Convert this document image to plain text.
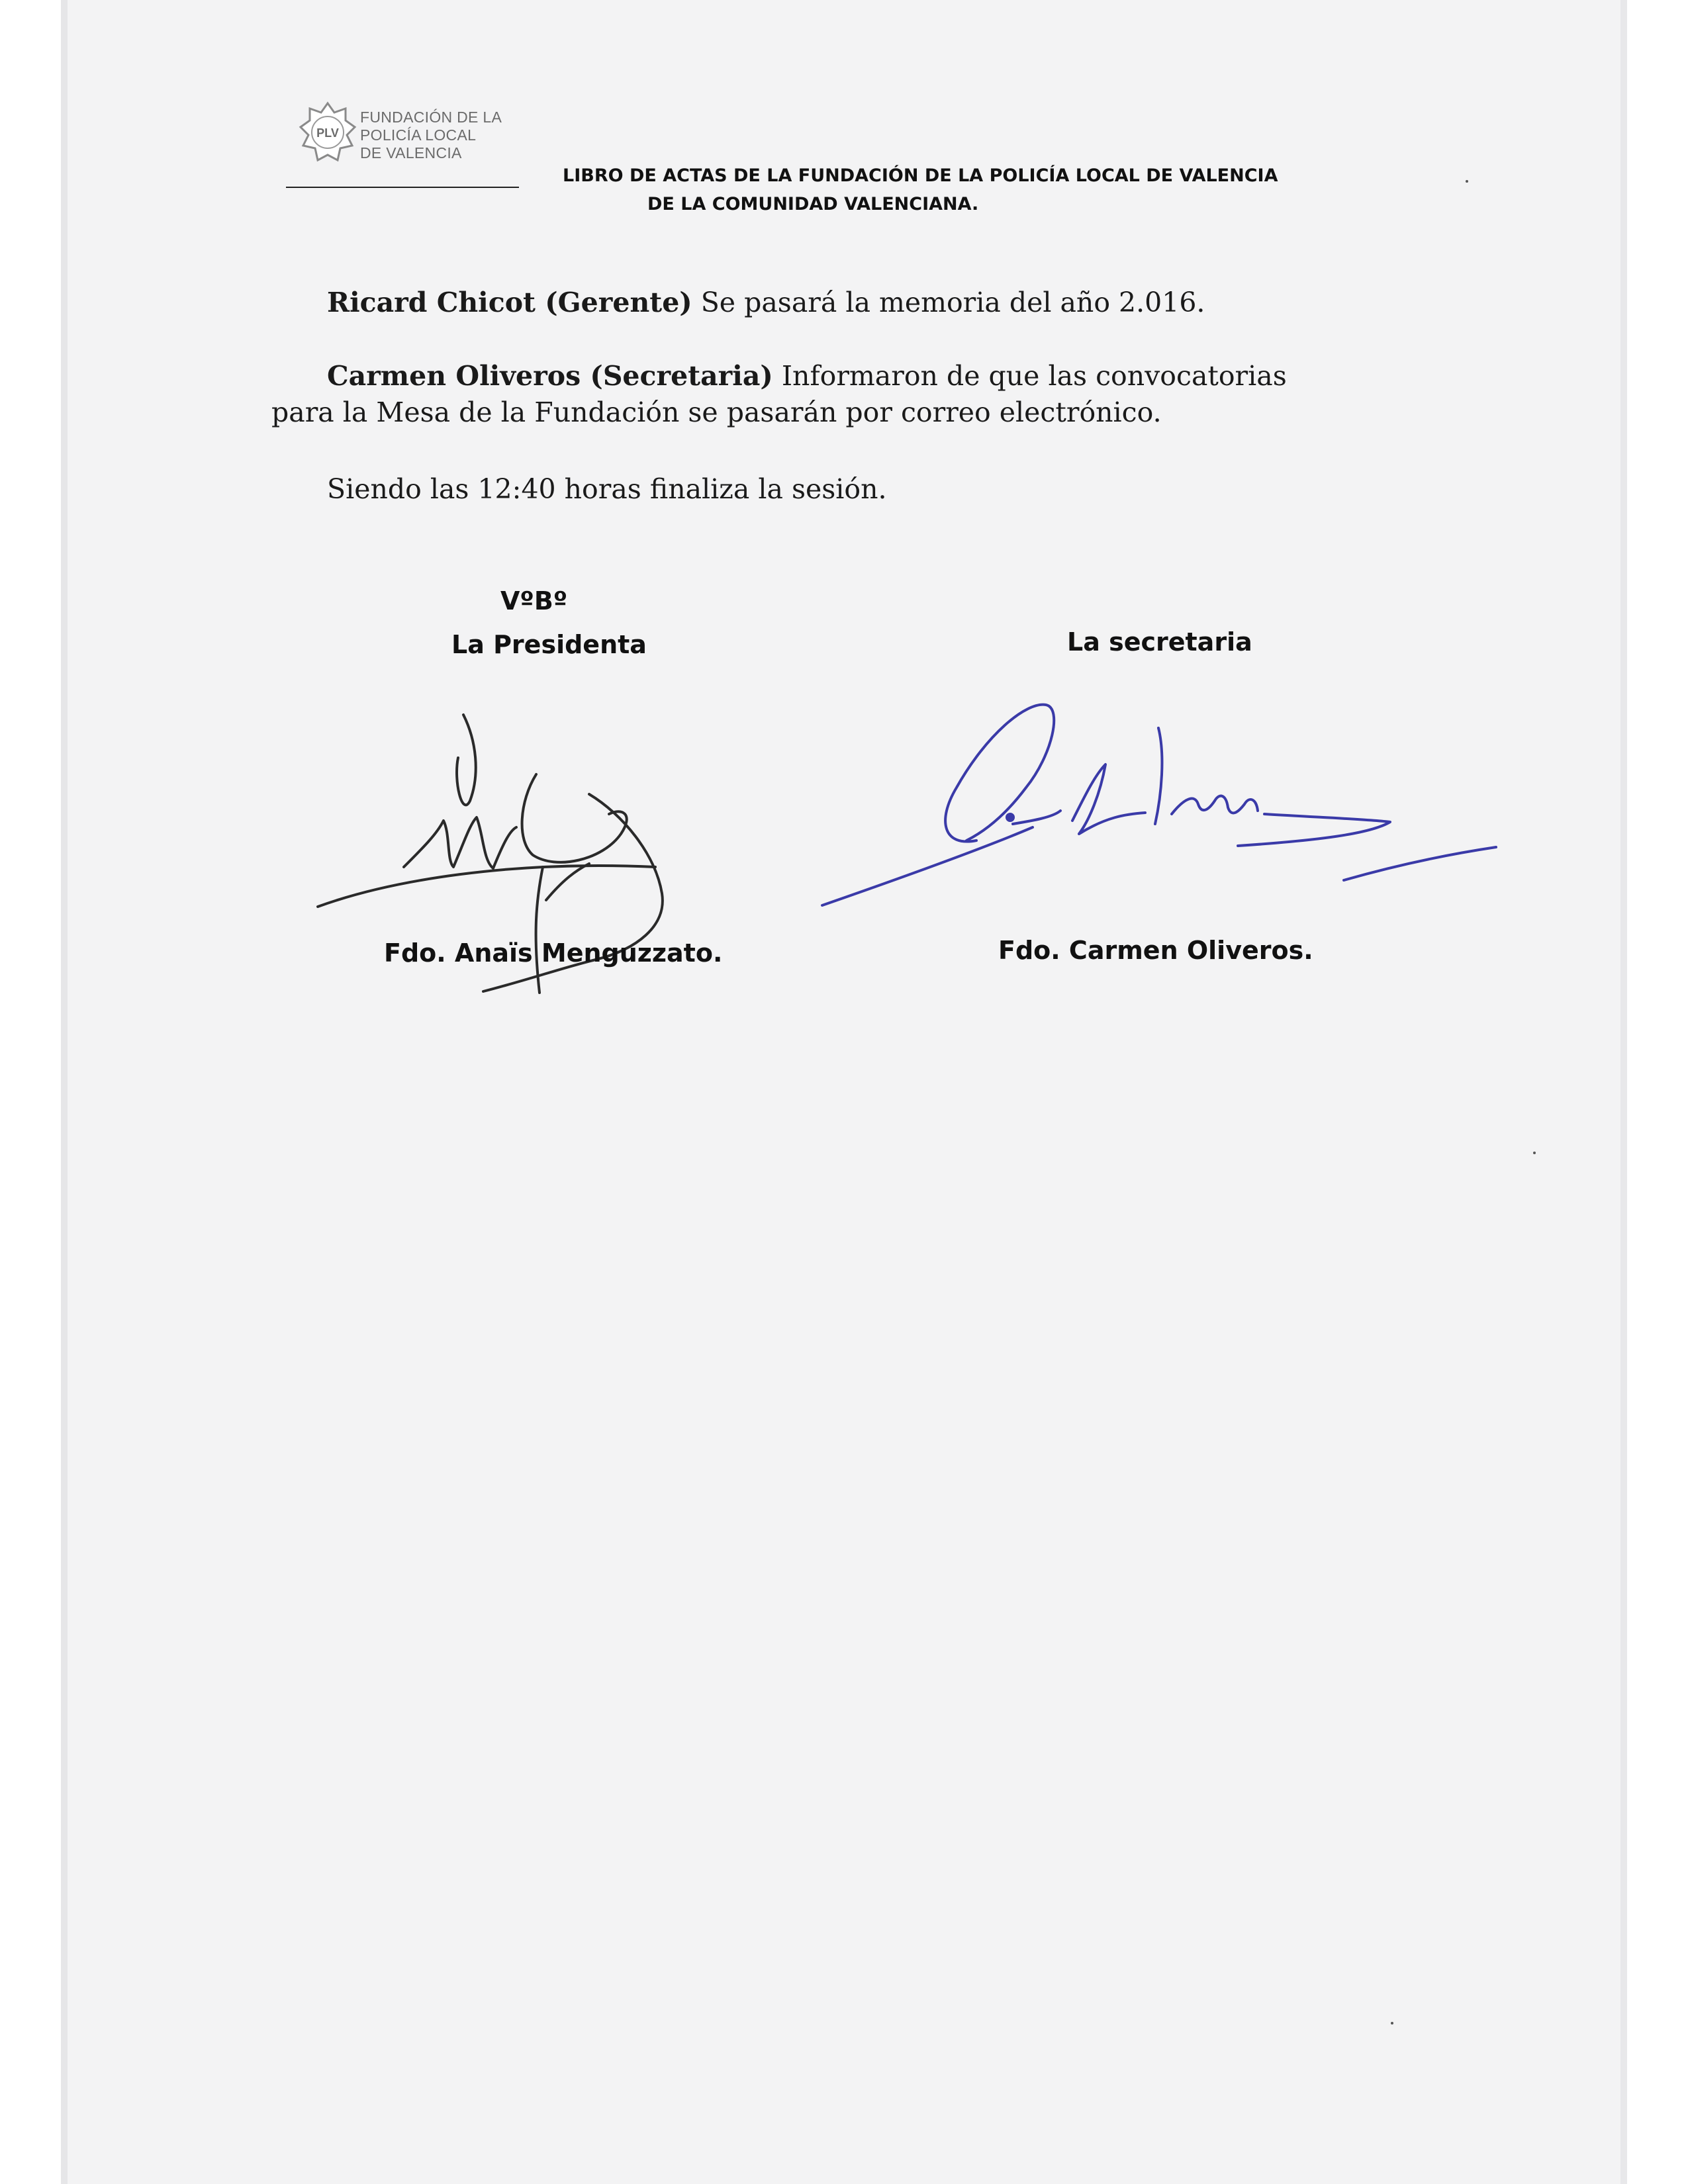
PLV
FUNDACIÓN DE LA
POLICÍA LOCAL
DE VALENCIA
LIBRO DE ACTAS DE LA FUNDACIÓN DE LA POLICÍA LOCAL DE VALENCIA
DE LA COMUNIDAD VALENCIANA.
Ricard Chicot (Gerente) Se pasará la memoria del año 2.016.
Carmen Oliveros (Secretaria) Informaron de que las convocatorias
para la Mesa de la Fundación se pasarán por correo electrónico.
Siendo las 12:40 horas finaliza la sesión.
VºBº
La Presidenta	La secretaria
Fdo. Anaïs Menguzzato.	Fdo. Carmen Oliveros.
